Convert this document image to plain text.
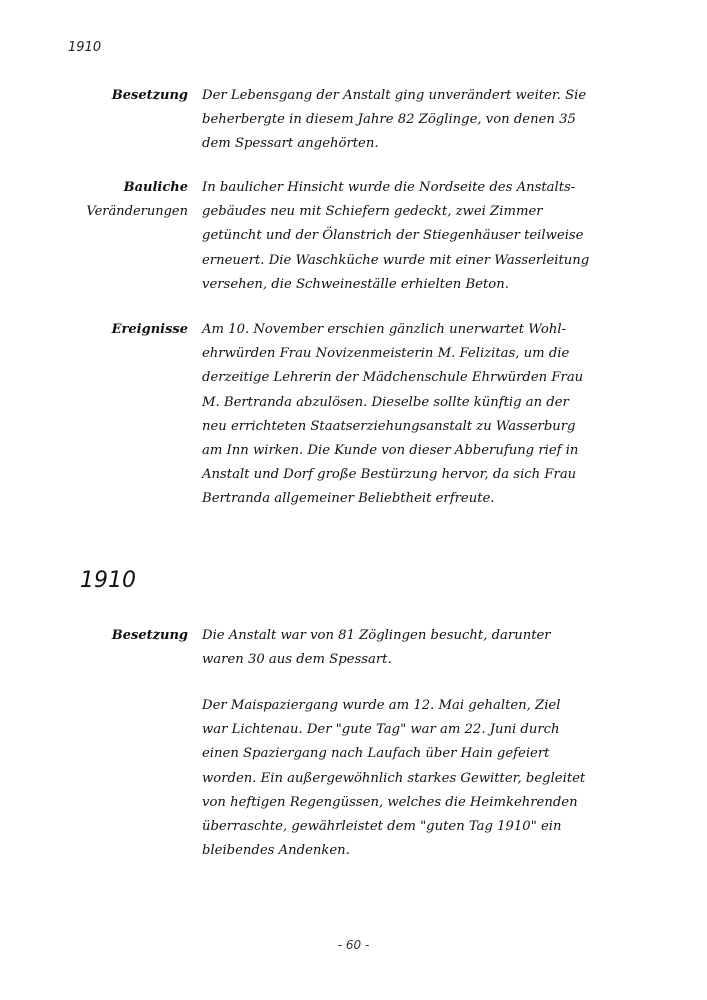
1910
Besetzung Der Lebensgang der Anstalt ging unverändert weiter. Sie
beherbergte in diesem Jahre 82 Zöglinge, von denen 35
dem Spessart angehörten.
Bauliche
Veränderungen
In baulicher Hinsicht wurde die Nordseite des Anstalts-
gebäudes neu mit Schiefern gedeckt, zwei Zimmer
getüncht und der Ölanstrich der Stiegenhäuser teilweise
erneuert. Die Waschküche wurde mit einer Wasserleitung
versehen, die Schweineställe erhielten Beton.
Ereignisse Am 10. November erschien gänzlich unerwartet Wohl-
ehrwürden Frau Novizenmeisterin M. Felizitas, um die
derzeitige Lehrerin der Mädchenschule Ehrwürden Frau
M. Bertranda abzulösen. Dieselbe sollte künftig an der
neu errichteten Staatserziehungsanstalt zu Wasserburg
am Inn wirken. Die Kunde von dieser Abberufung rief in
Anstalt und Dorf große Bestürzung hervor, da sich Frau
Bertranda allgemeiner Beliebtheit erfreute.
1910
Besetzung Die Anstalt war von 81 Zöglingen besucht, darunter
waren 30 aus dem Spessart.
Der Maispaziergang wurde am 12. Mai gehalten, Ziel
war Lichtenau. Der "gute Tag" war am 22. Juni durch
einen Spaziergang nach Laufach über Hain gefeiert
worden. Ein außergewöhnlich starkes Gewitter, begleitet
von heftigen Regengüssen, welches die Heimkehrenden
überraschte, gewährleistet dem "guten Tag 1910" ein
bleibendes Andenken.
- 60 -
